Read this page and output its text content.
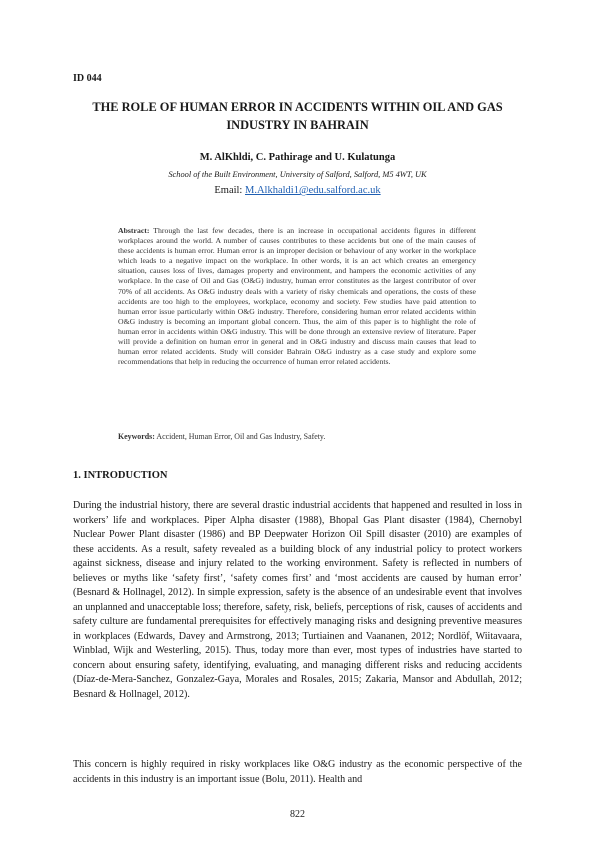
ID 044
THE ROLE OF HUMAN ERROR IN ACCIDENTS WITHIN OIL AND GAS INDUSTRY IN BAHRAIN
M. AlKhldi, C. Pathirage and U. Kulatunga
School of the Built Environment, University of Salford, Salford, M5 4WT, UK
Email: M.Alkhaldi1@edu.salford.ac.uk
Abstract: Through the last few decades, there is an increase in occupational accidents figures in different workplaces around the world. A number of causes contributes to these accidents but one of the main causes of these accidents is human error. Human error is an improper decision or behaviour of any worker in the workplace which leads to a negative impact on the workplace. In other words, it is an act which creates an emergency situation, causes loss of lives, damages property and environment, and hampers the economic activities of any workplace. In the case of Oil and Gas (O&G) industry, human error constitutes as the largest contributor of over 70% of all accidents. As O&G industry deals with a variety of risky chemicals and operations, the costs of these accidents are too high to the employees, workplace, economy and society. Few studies have paid attention to human error issue particularly within O&G industry. Therefore, considering human error related accidents within O&G industry is becoming an important global concern. Thus, the aim of this paper is to highlight the role of human error in accidents within O&G industry. This will be done through an extensive review of literature. Paper will provide a definition on human error in general and in O&G industry and discuss main causes that lead to human error related accidents. Study will consider Bahrain O&G industry as a case study and explore some recommendations that help in reducing the occurrence of human error related accidents.
Keywords: Accident, Human Error, Oil and Gas Industry, Safety.
1. INTRODUCTION
During the industrial history, there are several drastic industrial accidents that happened and resulted in loss in workers’ life and workplaces. Piper Alpha disaster (1988), Bhopal Gas Plant disaster (1984), Chernobyl Nuclear Power Plant disaster (1986) and BP Deepwater Horizon Oil Spill disaster (2010) are examples of these accidents. As a result, safety revealed as a building block of any industrial policy to protect workers against sickness, disease and injury related to the working environment. Safety is reflected in numbers of believes or myths like ‘safety first’, ‘safety comes first’ and ‘most accidents are caused by human error’ (Besnard & Hollnagel, 2012). In simple expression, safety is the absence of an undesirable event that involves an unplanned and unacceptable loss; therefore, safety, risk, beliefs, perceptions of risk, causes of accidents and safety culture are fundamental prerequisites for effectively managing risks and designing preventive measures in workplaces (Edwards, Davey and Armstrong, 2013; Turtiainen and Vaananen, 2012; Nordlöf, Wiitavaara, Winblad, Wijk and Westerling, 2015). Thus, today more than ever, most types of industries have started to concern about ensuring safety, identifying, evaluating, and managing different risks and reducing accidents (Díaz-de-Mera-Sanchez, Gonzalez-Gaya, Morales and Rosales, 2015; Zakaria, Mansor and Abdullah, 2012; Besnard & Hollnagel, 2012).
This concern is highly required in risky workplaces like O&G industry as the economic perspective of the accidents in this industry is an important issue (Bolu, 2011). Health and
822
